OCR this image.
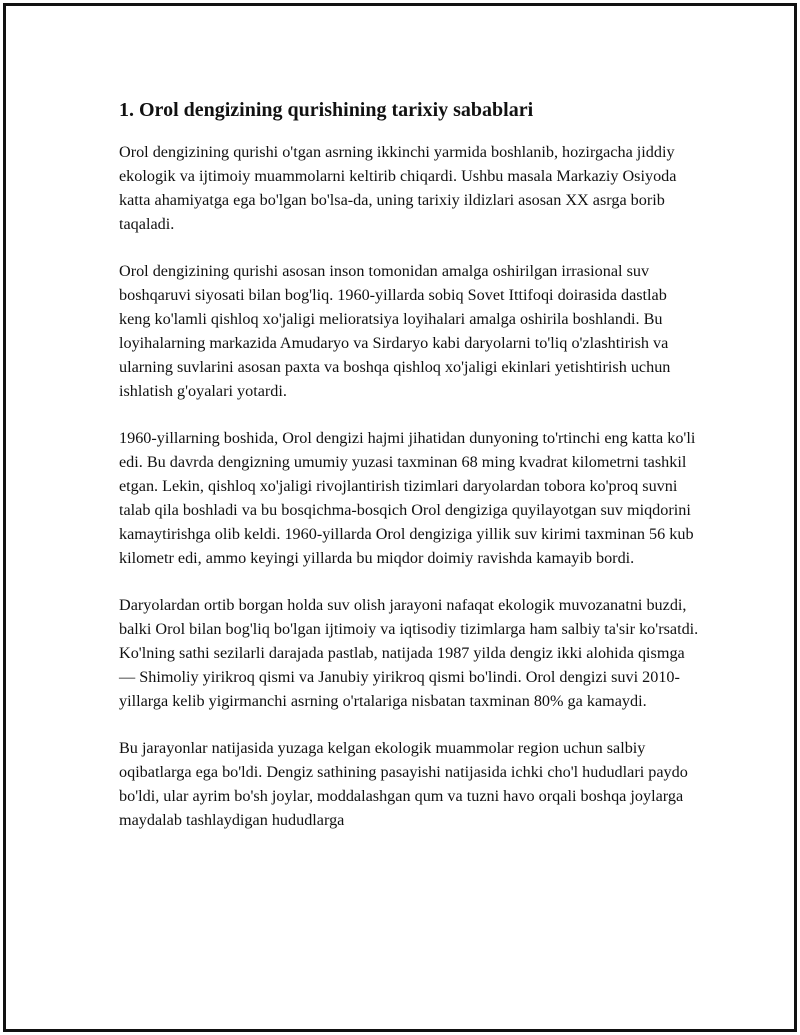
1. Orol dengizining qurishining tarixiy sabablari

Orol dengizining qurishi o'tgan asrning ikkinchi yarmida boshlanib, hozirgacha jiddiy ekologik va ijtimoiy muammolarni keltirib chiqardi. Ushbu masala Markaziy Osiyoda katta ahamiyatga ega bo'lgan bo'lsa-da, uning tarixiy ildizlari asosan XX asrga borib taqaladi.

Orol dengizining qurishi asosan inson tomonidan amalga oshirilgan irrasional suv boshqaruvi siyosati bilan bog'liq. 1960-yillarda sobiq Sovet Ittifoqi doirasida dastlab keng ko'lamli qishloq xo'jaligi melioratsiya loyihalari amalga oshirila boshlandi. Bu loyihalarning markazida Amudaryo va Sirdaryo kabi daryolarni to'liq o'zlashtirish va ularning suvlarini asosan paxta va boshqa qishloq xo'jaligi ekinlari yetishtirish uchun ishlatish g'oyalari yotardi.

1960-yillarning boshida, Orol dengizi hajmi jihatidan dunyoning to'rtinchi eng katta ko'li edi. Bu davrda dengizning umumiy yuzasi taxminan 68 ming kvadrat kilometrni tashkil etgan. Lekin, qishloq xo'jaligi rivojlantirish tizimlari daryolardan tobora ko'proq suvni talab qila boshladi va bu bosqichma-bosqich Orol dengiziga quyilayotgan suv miqdorini kamaytirishga olib keldi. 1960-yillarda Orol dengiziga yillik suv kirimi taxminan 56 kub kilometr edi, ammo keyingi yillarda bu miqdor doimiy ravishda kamayib bordi.

Daryolardan ortib borgan holda suv olish jarayoni nafaqat ekologik muvozanatni buzdi, balki Orol bilan bog'liq bo'lgan ijtimoiy va iqtisodiy tizimlarga ham salbiy ta'sir ko'rsatdi. Ko'lning sathi sezilarli darajada pastlab, natijada 1987 yilda dengiz ikki alohida qismga — Shimoliy yirikroq qismi va Janubiy yirikroq qismi bo'lindi. Orol dengizi suvi 2010-yillarga kelib yigirmanchi asrning o'rtalariga nisbatan taxminan 80% ga kamaydi.

Bu jarayonlar natijasida yuzaga kelgan ekologik muammolar region uchun salbiy oqibatlarga ega bo'ldi. Dengiz sathining pasayishi natijasida ichki cho'l hududlari paydo bo'ldi, ular ayrim bo'sh joylar, moddalashgan qum va tuzni havo orqali boshqa joylarga maydalab tashlaydigan hududlarga
